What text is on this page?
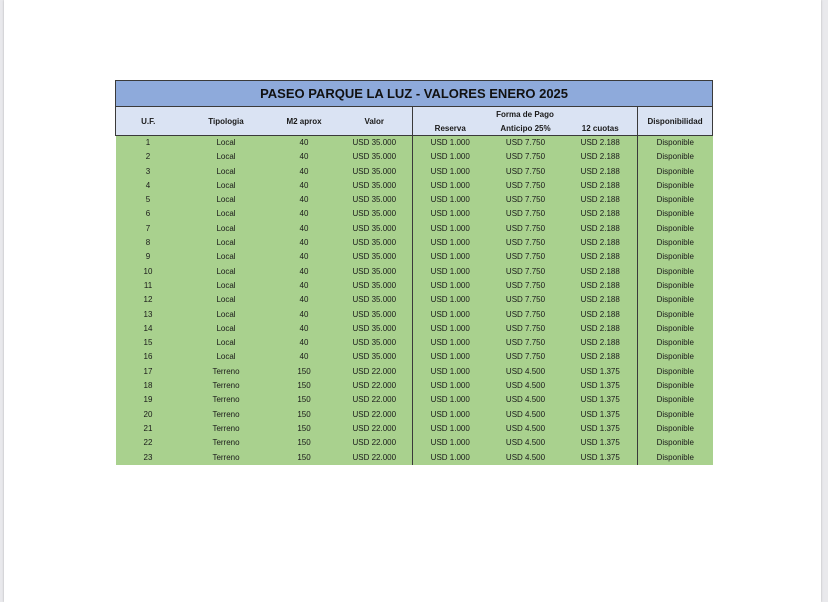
PASEO PARQUE LA LUZ - VALORES ENERO 2025							
U.F.	Tipologia	M2 aprox	Valor	Forma de Pago			Disponibilidad
				Reserva	Anticipo 25%	12 cuotas	
1	Local	40	USD 35.000	USD 1.000	USD 7.750	USD 2.188	Disponible
2	Local	40	USD 35.000	USD 1.000	USD 7.750	USD 2.188	Disponible
3	Local	40	USD 35.000	USD 1.000	USD 7.750	USD 2.188	Disponible
4	Local	40	USD 35.000	USD 1.000	USD 7.750	USD 2.188	Disponible
5	Local	40	USD 35.000	USD 1.000	USD 7.750	USD 2.188	Disponible
6	Local	40	USD 35.000	USD 1.000	USD 7.750	USD 2.188	Disponible
7	Local	40	USD 35.000	USD 1.000	USD 7.750	USD 2.188	Disponible
8	Local	40	USD 35.000	USD 1.000	USD 7.750	USD 2.188	Disponible
9	Local	40	USD 35.000	USD 1.000	USD 7.750	USD 2.188	Disponible
10	Local	40	USD 35.000	USD 1.000	USD 7.750	USD 2.188	Disponible
11	Local	40	USD 35.000	USD 1.000	USD 7.750	USD 2.188	Disponible
12	Local	40	USD 35.000	USD 1.000	USD 7.750	USD 2.188	Disponible
13	Local	40	USD 35.000	USD 1.000	USD 7.750	USD 2.188	Disponible
14	Local	40	USD 35.000	USD 1.000	USD 7.750	USD 2.188	Disponible
15	Local	40	USD 35.000	USD 1.000	USD 7.750	USD 2.188	Disponible
16	Local	40	USD 35.000	USD 1.000	USD 7.750	USD 2.188	Disponible
17	Terreno	150	USD 22.000	USD 1.000	USD 4.500	USD 1.375	Disponible
18	Terreno	150	USD 22.000	USD 1.000	USD 4.500	USD 1.375	Disponible
19	Terreno	150	USD 22.000	USD 1.000	USD 4.500	USD 1.375	Disponible
20	Terreno	150	USD 22.000	USD 1.000	USD 4.500	USD 1.375	Disponible
21	Terreno	150	USD 22.000	USD 1.000	USD 4.500	USD 1.375	Disponible
22	Terreno	150	USD 22.000	USD 1.000	USD 4.500	USD 1.375	Disponible
23	Terreno	150	USD 22.000	USD 1.000	USD 4.500	USD 1.375	Disponible
